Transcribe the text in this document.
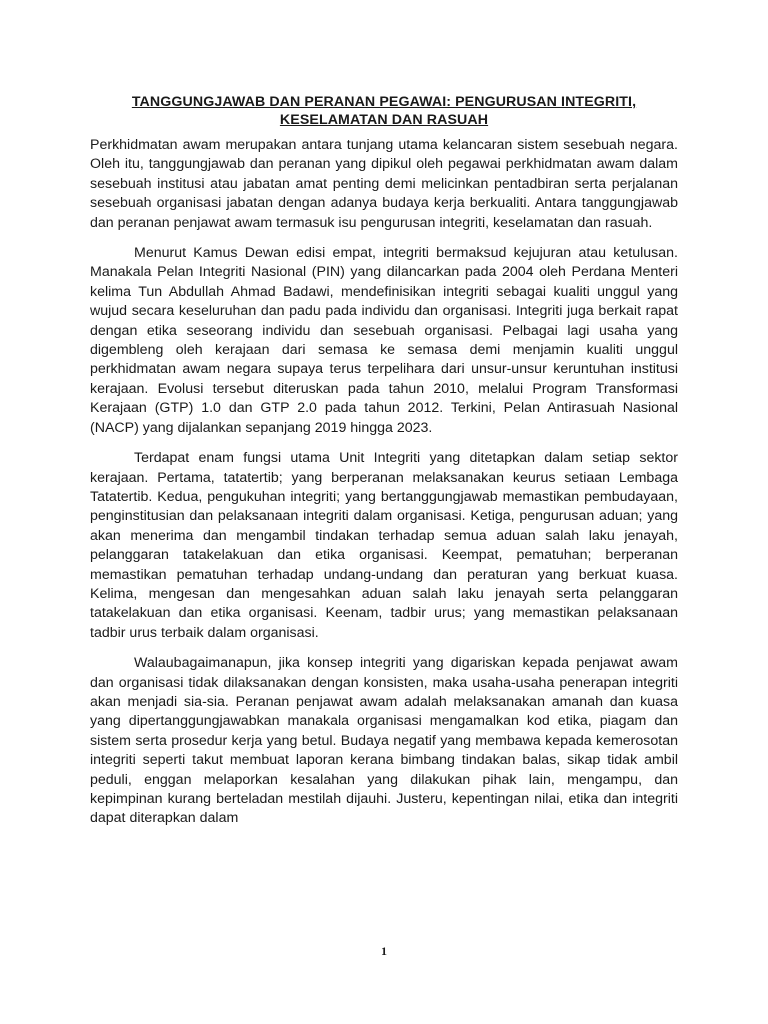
TANGGUNGJAWAB DAN PERANAN PEGAWAI: PENGURUSAN INTEGRITI,
KESELAMATAN DAN RASUAH

Perkhidmatan awam merupakan antara tunjang utama kelancaran sistem sesebuah negara. Oleh itu, tanggungjawab dan peranan yang dipikul oleh pegawai perkhidmatan awam dalam sesebuah institusi atau jabatan amat penting demi melicinkan pentadbiran serta perjalanan sesebuah organisasi jabatan dengan adanya budaya kerja berkualiti. Antara tanggungjawab dan peranan penjawat awam termasuk isu pengurusan integriti, keselamatan dan rasuah.

Menurut Kamus Dewan edisi empat, integriti bermaksud kejujuran atau ketulusan. Manakala Pelan Integriti Nasional (PIN) yang dilancarkan pada 2004 oleh Perdana Menteri kelima Tun Abdullah Ahmad Badawi, mendefinisikan integriti sebagai kualiti unggul yang wujud secara keseluruhan dan padu pada individu dan organisasi. Integriti juga berkait rapat dengan etika seseorang individu dan sesebuah organisasi. Pelbagai lagi usaha yang digembleng oleh kerajaan dari semasa ke semasa demi menjamin kualiti unggul perkhidmatan awam negara supaya terus terpelihara dari unsur-unsur keruntuhan institusi kerajaan. Evolusi tersebut diteruskan pada tahun 2010, melalui Program Transformasi Kerajaan (GTP) 1.0 dan GTP 2.0 pada tahun 2012. Terkini, Pelan Antirasuah Nasional (NACP) yang dijalankan sepanjang 2019 hingga 2023.

Terdapat enam fungsi utama Unit Integriti yang ditetapkan dalam setiap sektor kerajaan. Pertama, tatatertib; yang berperanan melaksanakan keurus setiaan Lembaga Tatatertib. Kedua, pengukuhan integriti; yang bertanggungjawab memastikan pembudayaan, penginstitusian dan pelaksanaan integriti dalam organisasi. Ketiga, pengurusan aduan; yang akan menerima dan mengambil tindakan terhadap semua aduan salah laku jenayah, pelanggaran tatakelakuan dan etika organisasi. Keempat, pematuhan; berperanan memastikan pematuhan terhadap undang-undang dan peraturan yang berkuat kuasa. Kelima, mengesan dan mengesahkan aduan salah laku jenayah serta pelanggaran tatakelakuan dan etika organisasi. Keenam, tadbir urus; yang memastikan pelaksanaan tadbir urus terbaik dalam organisasi.

Walaubagaimanapun, jika konsep integriti yang digariskan kepada penjawat awam dan organisasi tidak dilaksanakan dengan konsisten, maka usaha-usaha penerapan integriti akan menjadi sia-sia. Peranan penjawat awam adalah melaksanakan amanah dan kuasa yang dipertanggungjawabkan manakala organisasi mengamalkan kod etika, piagam dan sistem serta prosedur kerja yang betul. Budaya negatif yang membawa kepada kemerosotan integriti seperti takut membuat laporan kerana bimbang tindakan balas, sikap tidak ambil peduli, enggan melaporkan kesalahan yang dilakukan pihak lain, mengampu, dan kepimpinan kurang berteladan mestilah dijauhi. Justeru, kepentingan nilai, etika dan integriti dapat diterapkan dalam

1
